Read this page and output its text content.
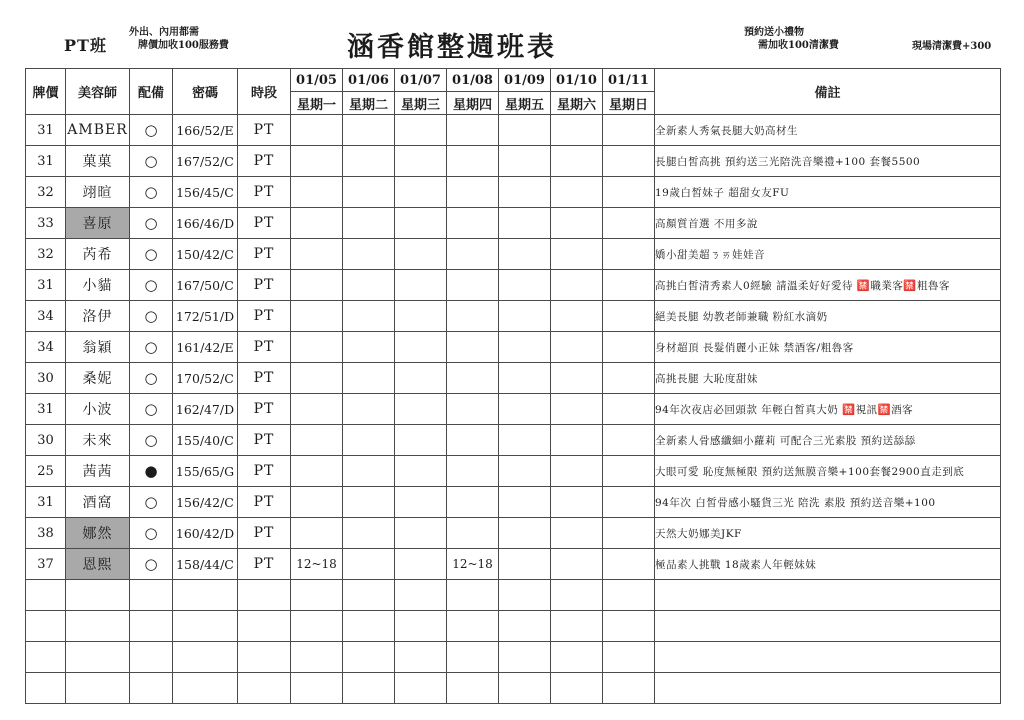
PT班
外出、內用都需
牌價加收100服務費	涵香館整週班表	預約送小禮物
需加收100清潔費	現場清潔費+300
牌價	美容師	配備	密碼	時段	01/05	01/06	01/07	01/08	01/09	01/10	01/11	備註
					星期一	星期二	星期三	星期四	星期五	星期六	星期日	
31	AMBER	○	166/52/E	PT								全新素人秀氣長腿大奶高材生
31	菓菓	○	167/52/C	PT								長腿白皙高挑 預約送三光陪洗音樂禮+100 套餐5500
32	翊暄	○	156/45/C	PT								19歲白皙妹子 超甜女友FU
33	喜原	○	166/46/D	PT								高顏質首選 不用多說
32	芮希	○	150/42/C	PT								嬌小甜美超ㄋㄞ娃娃音
31	小貓	○	167/50/C	PT								高挑白皙清秀素人0經驗 請溫柔好好愛待 🈲職業客🈲粗魯客
34	洛伊	○	172/51/D	PT								絕美長腿 幼教老師兼職 粉紅水滴奶
34	翁穎	○	161/42/E	PT								身材超頂 長髮俏麗小正妹 禁酒客/粗魯客
30	桑妮	○	170/52/C	PT								高挑長腿 大恥度甜妹
31	小波	○	162/47/D	PT								94年次夜店必回頭款 年輕白皙真大奶 🈲視訊🈲酒客
30	未來	○	155/40/C	PT								全新素人骨感纖細小蘿莉 可配合三光素股 預約送舔舔
25	茜茜	●	155/65/G	PT								大眼可愛 恥度無極限 預約送無膜音樂+100套餐2900直走到底
31	酒窩	○	156/42/C	PT								94年次 白皙骨感小騷貨三光 陪洗 素股 預約送音樂+100
38	娜然	○	160/42/D	PT								天然大奶娜美JKF
37	恩熙	○	158/44/C	PT	12~18			12~18				極品素人挑戰 18歲素人年輕妹妹
